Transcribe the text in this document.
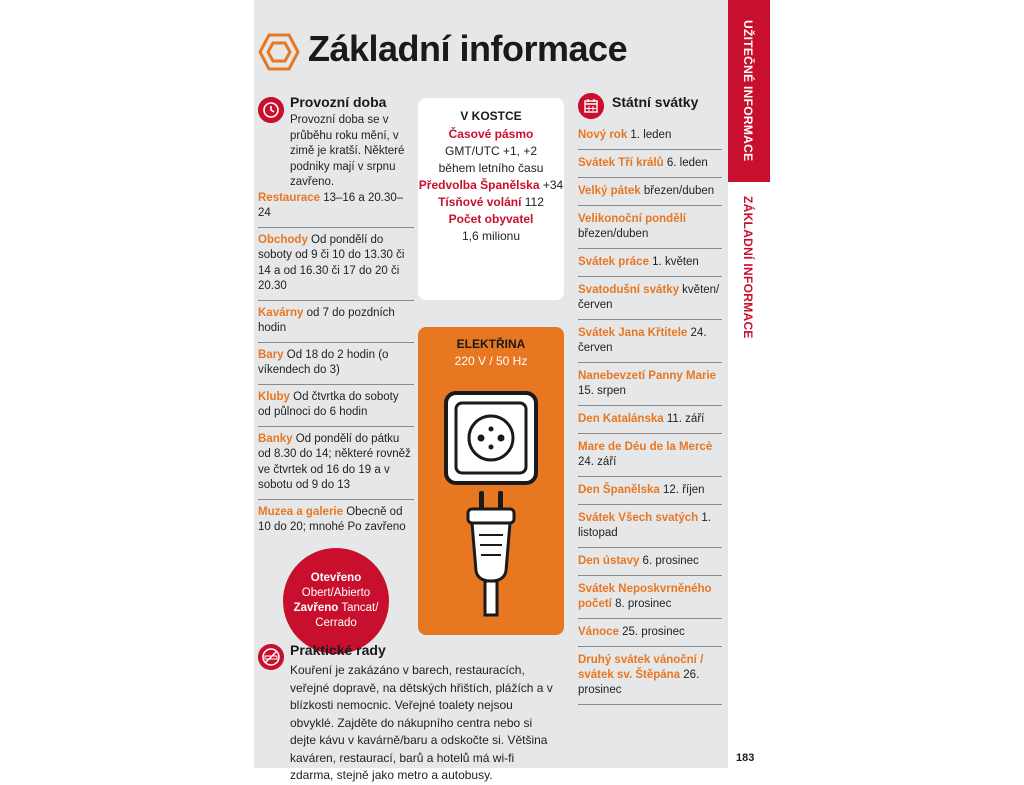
UŽITEČNÉ INFORMACE
ZÁKLADNÍ INFORMACE
Základní informace
Provozní doba

Provozní doba se v průběhu roku mění, v zimě je kratší. Některé podniky mají v srpnu zavřeno.

Restaurace 13–16 a 20.30–24
Obchody Od pondělí do soboty od 9 či 10 do 13.30 či 14 a od 16.30 či 17 do 20 či 20.30
Kavárny od 7 do pozdních hodin
Bary Od 18 do 2 hodin (o víkendech do 3)
Kluby Od čtvrtka do soboty od půlnoci do 6 hodin
Banky Od pondělí do pátku od 8.30 do 14; některé rovněž ve čtvrtek od 16 do 19 a v sobotu od 9 do 13
Muzea a galerie Obecně od 10 do 20; mnohé Po zavřeno
Otevřeno
Obert/Abierto
Zavřeno Tancat/ Cerrado
V KOSTCE
Časové pásmo
GMT/UTC +1, +2 během letního času
Předvolba Španělska +34
Tísňové volání 112
Počet obyvatel
1,6 milionu
ELEKTŘINA
220 V / 50 Hz
Státní svátky
Nový rok 1. leden
Svátek Tří králů 6. leden
Velký pátek březen/duben
Velikonoční pondělí březen/duben
Svátek práce 1. květen
Svatodušní svátky květen/červen
Svátek Jana Křtitele 24. červen
Nanebevzetí Panny Marie 15. srpen
Den Katalánska 11. září
Mare de Déu de la Mercè 24. září
Den Španělska 12. říjen
Svátek Všech svatých 1. listopad
Den ústavy 6. prosinec
Svátek Neposkvrněného početí 8. prosinec
Vánoce 25. prosinec
Druhý svátek vánoční / svátek sv. Štěpána 26. prosinec
Praktické rady

Kouření je zakázáno v barech, restauracích, veřejné dopravě, na dětských hřištích, plážích a v blízkosti nemocnic. Veřejné toalety nejsou obvyklé. Zajděte do nákupního centra nebo si dejte kávu v kavárně/baru a odskočte si. Většina kaváren, restaurací, barů a hotelů má wi-fi zdarma, stejně jako metro a autobusy.

183
